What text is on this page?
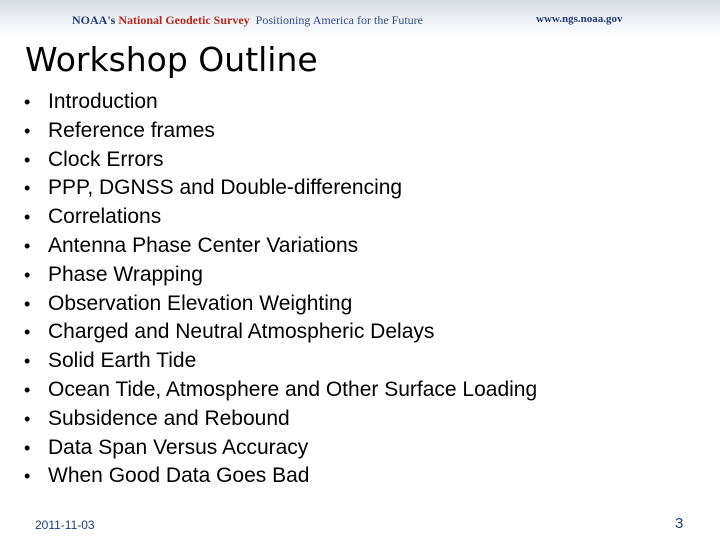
NOAA's National Geodetic Survey Positioning America for the Future	www.ngs.noaa.gov
Workshop Outline
• Introduction
• Reference frames
• Clock Errors
• PPP, DGNSS and Double-differencing
• Correlations
• Antenna Phase Center Variations
• Phase Wrapping
• Observation Elevation Weighting
• Charged and Neutral Atmospheric Delays
• Solid Earth Tide
• Ocean Tide, Atmosphere and Other Surface Loading
• Subsidence and Rebound
• Data Span Versus Accuracy
• When Good Data Goes Bad
2011-11-03	3
